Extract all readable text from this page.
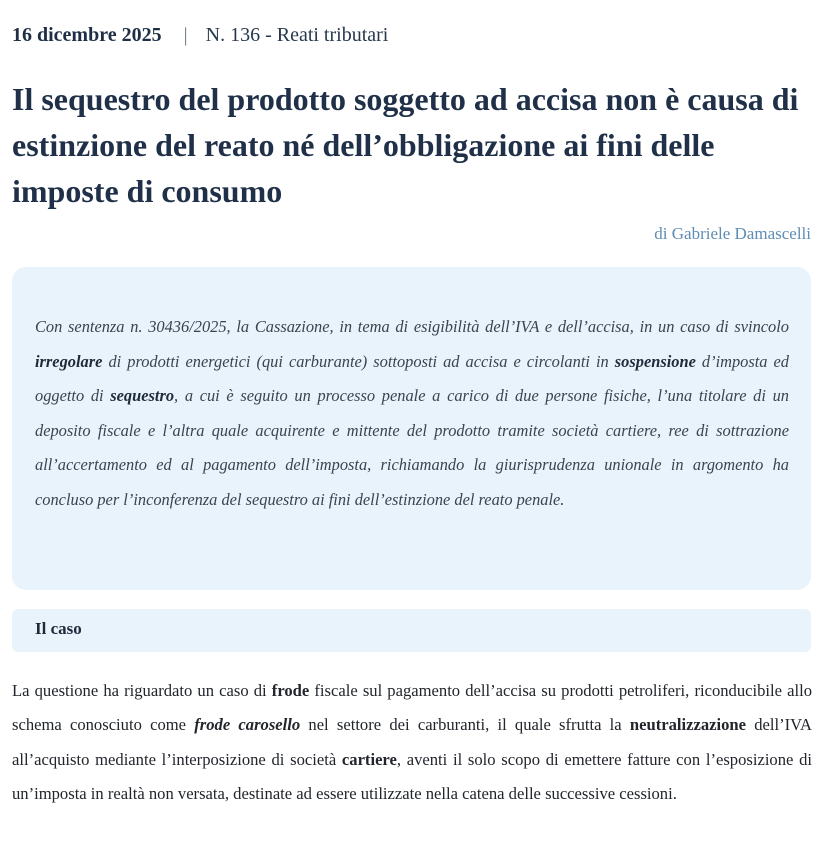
16 dicembre 2025 | N. 136 - Reati tributari
Il sequestro del prodotto soggetto ad accisa non è causa di estinzione del reato né dell’obbligazione ai fini delle imposte di consumo
di Gabriele Damascelli

Con sentenza n. 30436/2025, la Cassazione, in tema di esigibilità dell’IVA e dell’accisa, in un caso di svincolo irregolare di prodotti energetici (qui carburante) sottoposti ad accisa e circolanti in sospensione d’imposta ed oggetto di sequestro, a cui è seguito un processo penale a carico di due persone fisiche, l’una titolare di un deposito fiscale e l’altra quale acquirente e mittente del prodotto tramite società cartiere, ree di sottrazione all’accertamento ed al pagamento dell’imposta, richiamando la giurisprudenza unionale in argomento ha concluso per l’inconferenza del sequestro ai fini dell’estinzione del reato penale.

Il caso

La questione ha riguardato un caso di frode fiscale sul pagamento dell’accisa su prodotti petroliferi, riconducibile allo schema conosciuto come frode carosello nel settore dei carburanti, il quale sfrutta la neutralizzazione dell’IVA all’acquisto mediante l’interposizione di società cartiere, aventi il solo scopo di emettere fatture con l’esposizione di un’imposta in realtà non versata, destinate ad essere utilizzate nella catena delle successive cessioni.
